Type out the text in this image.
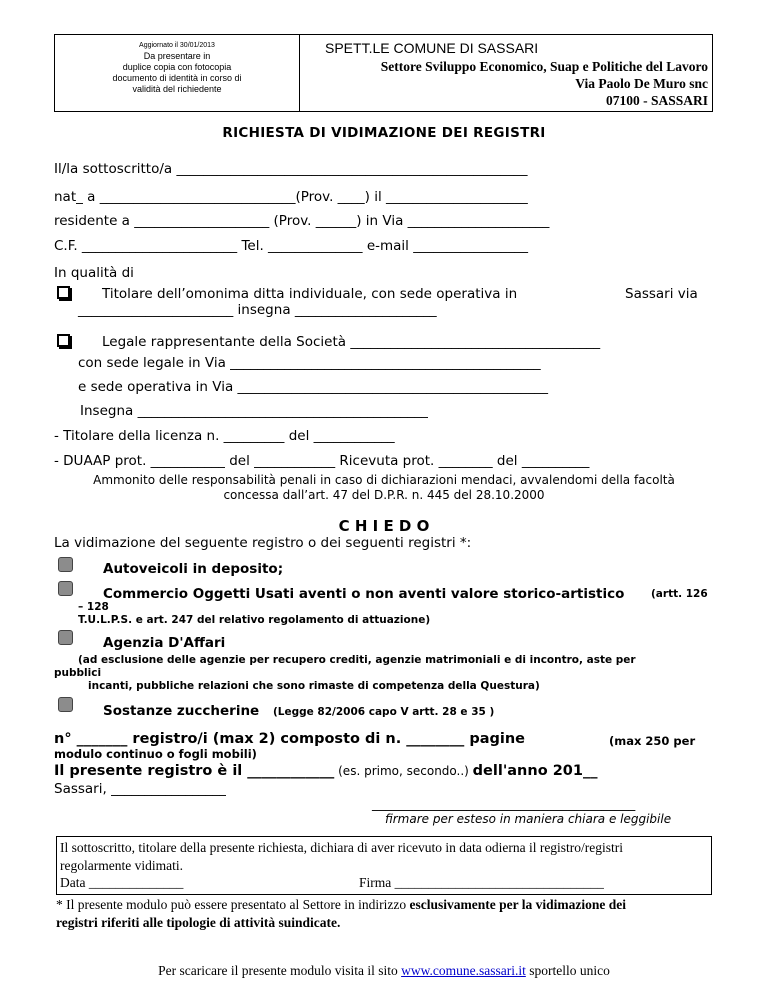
Aggiornato il 30/01/2013
Da presentare in
duplice copia con fotocopia
documento di identità in corso di
validità del richiedente
SPETT.LE COMUNE DI SASSARI
Settore Sviluppo Economico, Suap e Politiche del Lavoro
Via Paolo De Muro snc
07100 - SASSARI
RICHIESTA DI VIDIMAZIONE DEI REGISTRI
Il/la sottoscritto/a ____________________________________________________
nat_ a _____________________________(Prov. ____) il _____________________
residente a ____________________ (Prov. ______) in Via _____________________
C.F. _______________________ Tel. ______________ e-mail _________________
In qualità di
Titolare dell’omonima ditta individuale, con sede operativa in	Sassari via
_______________________ insegna _____________________
Legale rappresentante della Società _____________________________________
con sede legale in Via ______________________________________________
e sede operativa in Via ______________________________________________
Insegna ___________________________________________
- Titolare della licenza n. _________ del ____________
- DUAAP prot. ___________ del ____________ Ricevuta prot. ________ del __________
Ammonito delle responsabilità penali in caso di dichiarazioni mendaci, avvalendomi della facoltà
concessa dall’art. 47 del D.P.R. n. 445 del 28.10.2000
C H I E D O
La vidimazione del seguente registro o dei seguenti registri *:
Autoveicoli in deposito;
Commercio Oggetti Usati aventi o non aventi valore storico-artistico	(artt. 126
– 128
T.U.L.P.S. e art. 247 del relativo regolamento di attuazione)
Agenzia D'Affari
(ad esclusione delle agenzie per recupero crediti, agenzie matrimoniali e di incontro, aste per
pubblici
incanti, pubbliche relazioni che sono rimaste di competenza della Questura)
Sostanze zuccherine (Legge 82/2006 capo V artt. 28 e 35 )
n° _______ registro/i (max 2) composto di n. ________ pagine	(max 250 per
modulo continuo o fogli mobili)
Il presente registro è il ____________ (es. primo, secondo..) dell'anno 201__
Sassari, _________________
_______________________________________
firmare per esteso in maniera chiara e leggibile
Il sottoscritto, titolare della presente richiesta, dichiara di aver ricevuto in data odierna il registro/registri
regolarmente vidimati.
Data ______________	Firma _______________________________
* Il presente modulo può essere presentato al Settore in indirizzo esclusivamente per la vidimazione dei
registri riferiti alle tipologie di attività suindicate.
Per scaricare il presente modulo visita il sito www.comune.sassari.it sportello unico
